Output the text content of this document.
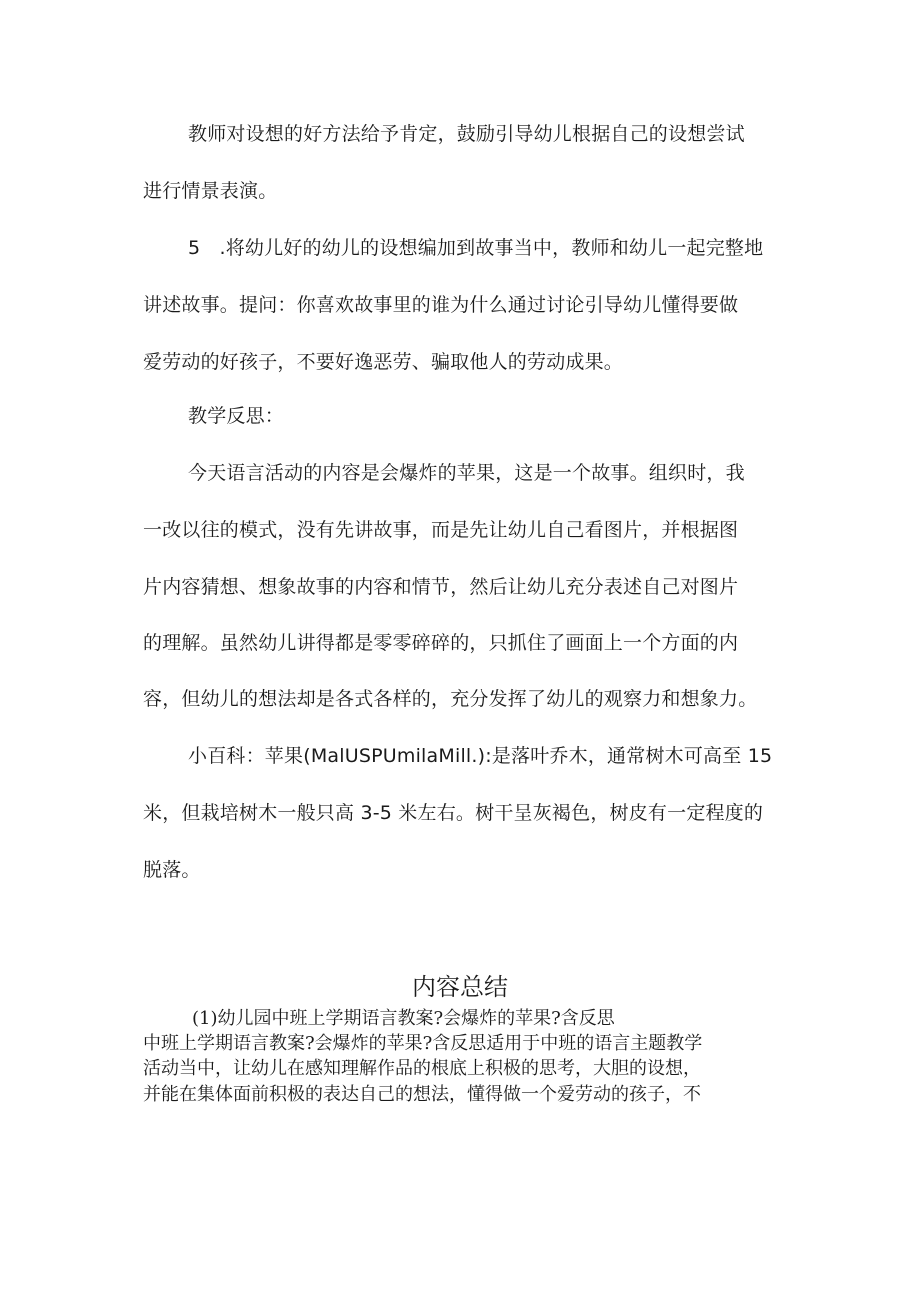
教师对设想的好方法给予肯定，鼓励引导幼儿根据自己的设想尝试
进行情景表演。
5　.将幼儿好的幼儿的设想编加到故事当中，教师和幼儿一起完整地
讲述故事。提问：你喜欢故事里的谁为什么通过讨论引导幼儿懂得要做
爱劳动的好孩子，不要好逸恶劳、骗取他人的劳动成果。
教学反思：
今天语言活动的内容是会爆炸的苹果，这是一个故事。组织时，我
一改以往的模式，没有先讲故事，而是先让幼儿自己看图片，并根据图
片内容猜想、想象故事的内容和情节，然后让幼儿充分表述自己对图片
的理解。虽然幼儿讲得都是零零碎碎的，只抓住了画面上一个方面的内
容，但幼儿的想法却是各式各样的，充分发挥了幼儿的观察力和想象力。
小百科：苹果(MalUSPUmilaMill.):是落叶乔木，通常树木可高至 15
米，但栽培树木一般只高 3-5 米左右。树干呈灰褐色，树皮有一定程度的
脱落。
内容总结
(1)幼儿园中班上学期语言教案?会爆炸的苹果?含反思
中班上学期语言教案?会爆炸的苹果?含反思适用于中班的语言主题教学
活动当中，让幼儿在感知理解作品的根底上积极的思考，大胆的设想，
并能在集体面前积极的表达自己的想法，懂得做一个爱劳动的孩子，不
